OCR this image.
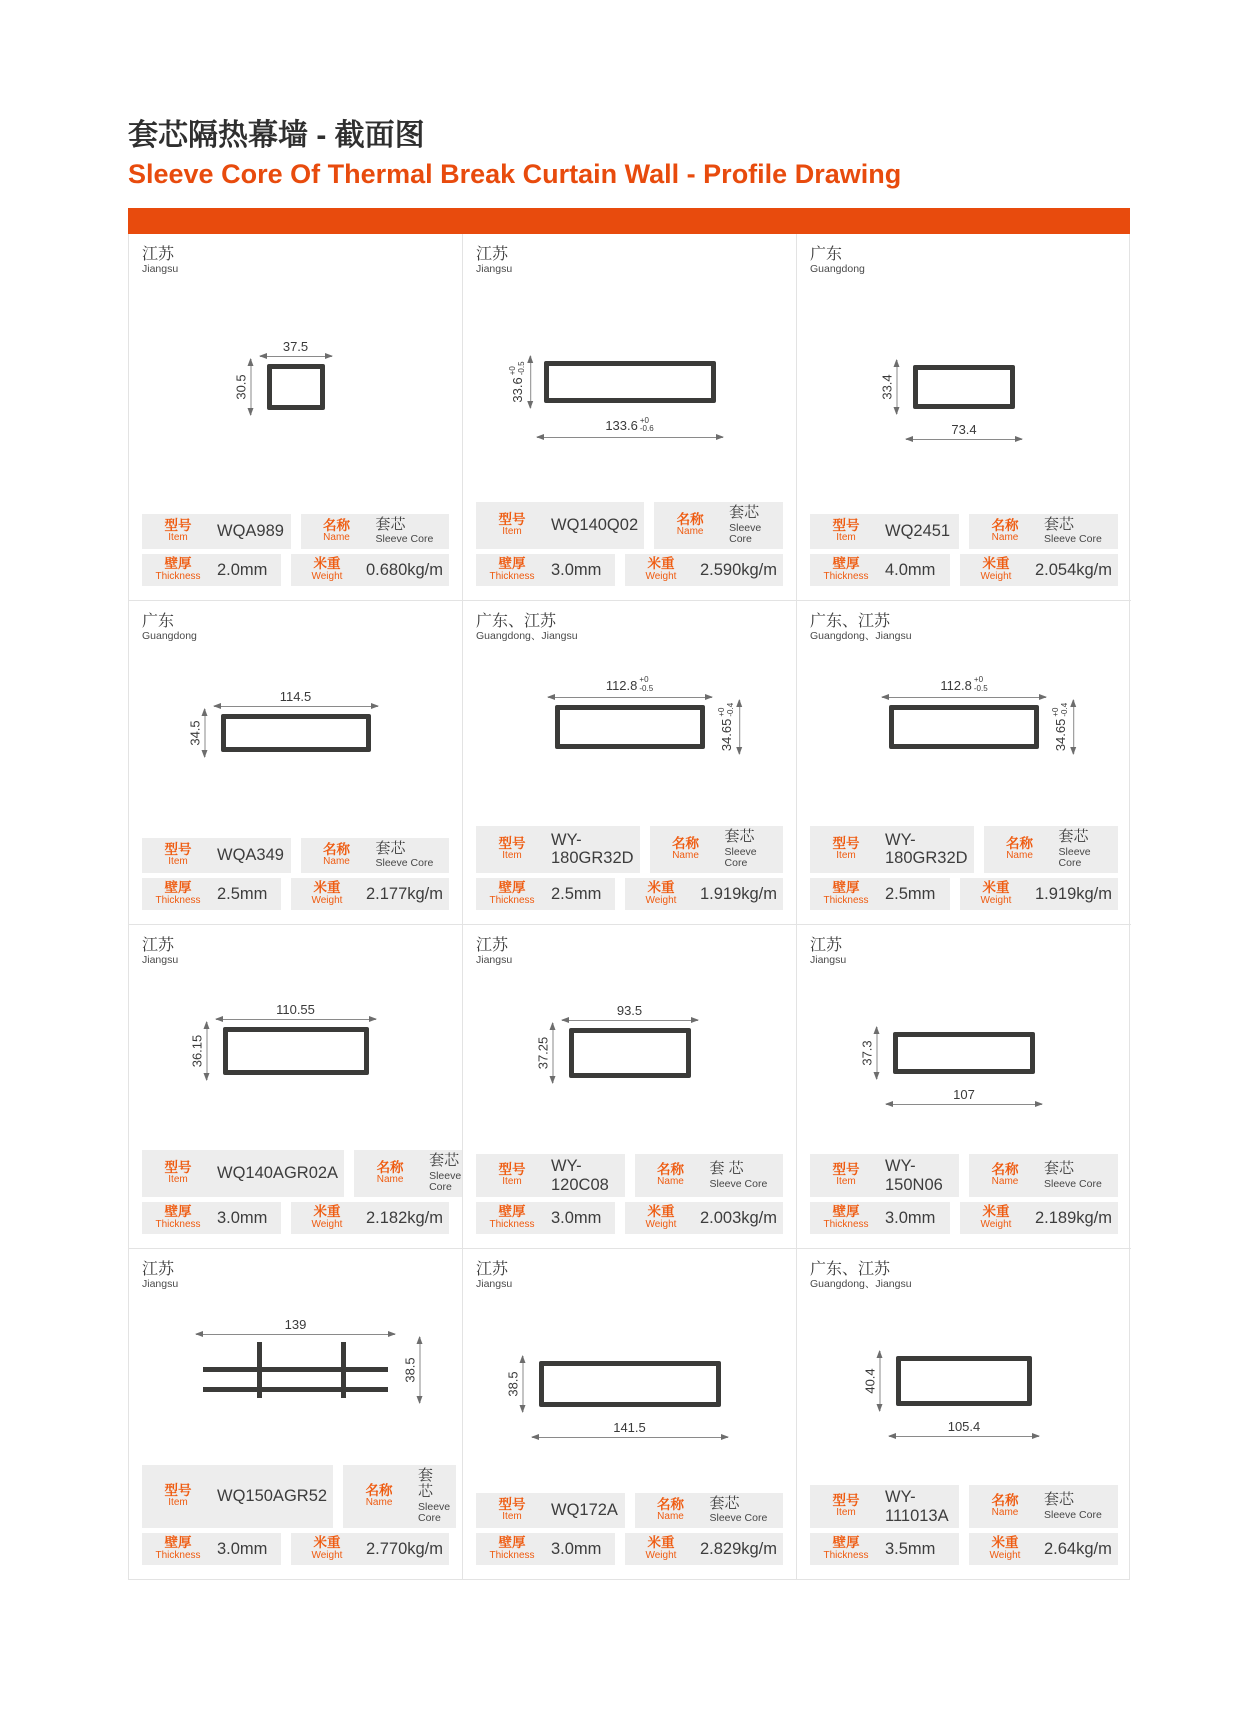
套芯隔热幕墙 - 截面图
Sleeve Core Of Thermal Break Curtain Wall - Profile Drawing
江苏
Jiangsu
37.5
30.5
型号
Item WQA989	名称
Name
套芯
Sleeve Core
壁厚
Thickness 2.0mm	米重
Weight 0.680kg/m
江苏
Jiangsu
33.6
+0 -0.5
133.6 +0
-0.6
型号
Item WQ140Q02	名称
Name
套芯
Sleeve Core
壁厚
Thickness 3.0mm	米重
Weight 2.590kg/m
广东
Guangdong
33.4
73.4
型号
Item WQ2451	名称
Name
套芯
Sleeve Core
壁厚
Thickness 4.0mm	米重
Weight 2.054kg/m
广东
Guangdong
114.5
34.5
型号
Item WQA349	名称
Name
套芯
Sleeve Core
壁厚
Thickness 2.5mm	米重
Weight 2.177kg/m
广东、江苏
Guangdong、Jiangsu
112.8 +0
-0.5
34.65
+0 -0.4
型号
Item
WY-180GR32D
名称
Name
套芯
Sleeve Core
壁厚
Thickness 2.5mm	米重
Weight 1.919kg/m
广东、江苏
Guangdong、Jiangsu
112.8 +0
-0.5
34.65
+0 -0.4
型号
Item
WY-180GR32D
名称
Name
套芯
Sleeve Core
壁厚
Thickness 2.5mm	米重
Weight 1.919kg/m
江苏
Jiangsu
110.55
36.15
型号
Item WQ140AGR02A	名称
Name
套芯
Sleeve Core
壁厚
Thickness 3.0mm	米重
Weight 2.182kg/m
江苏
Jiangsu
93.5
37.25
型号
Item
WY-120C08
名称
Name
套 芯
Sleeve Core
壁厚
Thickness 3.0mm	米重
Weight 2.003kg/m
江苏
Jiangsu
37.3
107
型号
Item
WY-150N06
名称
Name
套芯
Sleeve Core
壁厚
Thickness 3.0mm	米重
Weight 2.189kg/m
江苏
Jiangsu
139
38.5
型号
Item WQ150AGR52	名称
Name
套 芯
Sleeve Core
壁厚
Thickness 3.0mm	米重
Weight 2.770kg/m
江苏
Jiangsu
38.5
141.5
型号
Item WQ172A	名称
Name
套芯
Sleeve Core
壁厚
Thickness 3.0mm	米重
Weight 2.829kg/m
广东、江苏
Guangdong、Jiangsu
40.4
105.4
型号
Item
WY-111013A
名称
Name
套芯
Sleeve Core
壁厚
Thickness 3.5mm	米重
Weight 2.64kg/m
